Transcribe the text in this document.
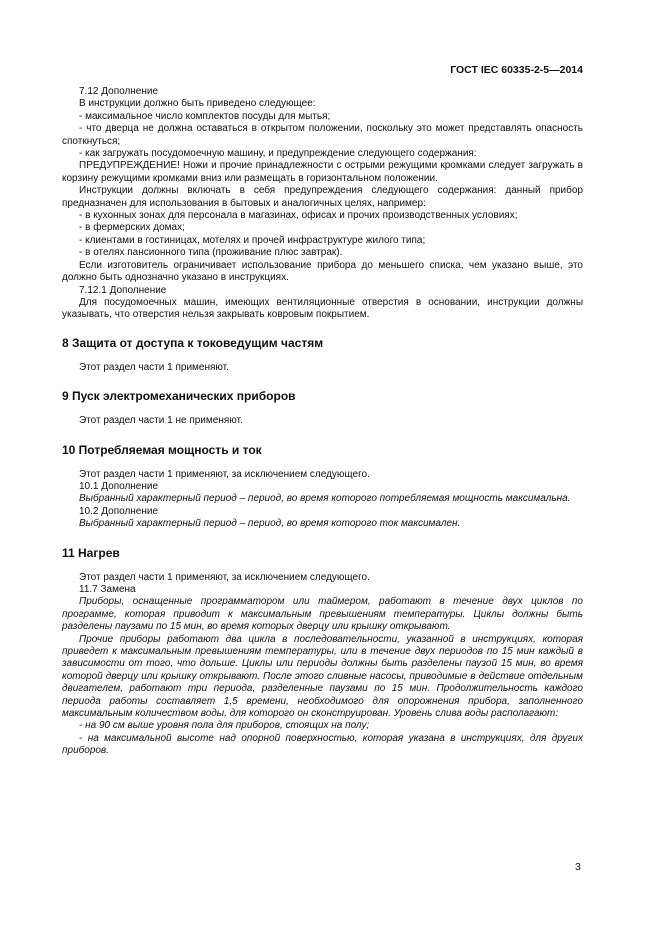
ГОСТ IEC 60335-2-5—2014

7.12 Дополнение

В инструкции должно быть приведено следующее:

- максимальное число комплектов посуды для мытья;

- что дверца не должна оставаться в открытом положении, поскольку это может представлять опасность споткнуться;

- как загружать посудомоечную машину, и предупреждение следующего содержания:

ПРЕДУПРЕЖДЕНИЕ! Ножи и прочие принадлежности с острыми режущими кромками следует загружать в корзину режущими кромками вниз или размещать в горизонтальном положении.

Инструкции должны включать в себя предупреждения следующего содержания: данный прибор предназначен для использования в бытовых и аналогичных целях, например:

- в кухонных зонах для персонала в магазинах, офисах и прочих производственных условиях;

- в фермерских домах;

- клиентами в гостиницах, мотелях и прочей инфраструктуре жилого типа;

- в отелях пансионного типа (проживание плюс завтрак).

Если изготовитель ограничивает использование прибора до меньшего списка, чем указано выше, это должно быть однозначно указано в инструкциях.

7.12.1 Дополнение

Для посудомоечных машин, имеющих вентиляционные отверстия в основании, инструкции должны указывать, что отверстия нельзя закрывать ковровым покрытием.

8 Защита от доступа к токоведущим частям

Этот раздел части 1 применяют.

9 Пуск электромеханических приборов

Этот раздел части 1 не применяют.

10 Потребляемая мощность и ток

Этот раздел части 1 применяют, за исключением следующего.

10.1 Дополнение

Выбранный характерный период – период, во время которого потребляемая мощность максимальна.

10.2 Дополнение

Выбранный характерный период – период, во время которого ток максимален.

11 Нагрев

Этот раздел части 1 применяют, за исключением следующего.

11.7 Замена

Приборы, оснащенные программатором или таймером, работают в течение двух циклов по программе, которая приводит к максимальным превышениям температуры. Циклы должны быть разделены паузами по 15 мин, во время которых дверцу или крышку открывают.

Прочие приборы работают два цикла в последовательности, указанной в инструкциях, которая приведет к максимальным превышениям температуры, или в течение двух периодов по 15 мин каждый в зависимости от того, что дольше. Циклы или периоды должны быть разделены паузой 15 мин, во время которой дверцу или крышку открывают. После этого сливные насосы, приводимые в действие отдельным двигателем, работают три периода, разделенные паузами по 15 мин. Продолжительность каждого периода работы составляет 1,5 времени, необходимого для опорожнения прибора, заполненного максимальным количеством воды, для которого он сконструирован. Уровень слива воды располагают:

- на 90 см выше уровня пола для приборов, стоящих на полу;

- на максимальной высоте над опорной поверхностью, которая указана в инструкциях, для других приборов.

3
